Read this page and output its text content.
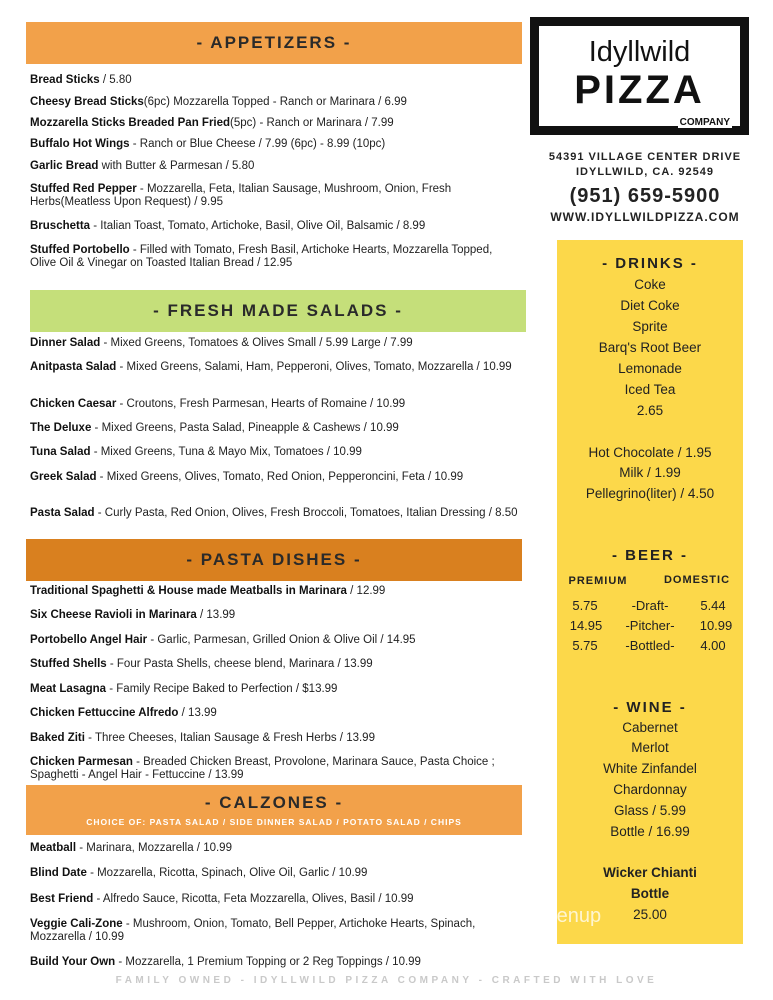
- APPETIZERS -
Bread Sticks / 5.80
Cheesy Bread Sticks(6pc) Mozzarella Topped - Ranch or Marinara / 6.99
Mozzarella Sticks Breaded Pan Fried(5pc) - Ranch or Marinara / 7.99
Buffalo Hot Wings - Ranch or Blue Cheese / 7.99 (6pc) - 8.99 (10pc)
Garlic Bread with Butter & Parmesan / 5.80
Stuffed Red Pepper - Mozzarella, Feta, Italian Sausage, Mushroom, Onion, Fresh Herbs(Meatless Upon Request) / 9.95
Bruschetta - Italian Toast, Tomato, Artichoke, Basil, Olive Oil, Balsamic / 8.99
Stuffed Portobello - Filled with Tomato, Fresh Basil, Artichoke Hearts, Mozzarella Topped, Olive Oil & Vinegar on Toasted Italian Bread / 12.95
- FRESH MADE SALADS -
Dinner Salad - Mixed Greens, Tomatoes & Olives Small / 5.99 Large / 7.99
Anitpasta Salad - Mixed Greens, Salami, Ham, Pepperoni, Olives, Tomato, Mozzarella / 10.99
Chicken Caesar - Croutons, Fresh Parmesan, Hearts of Romaine / 10.99
The Deluxe - Mixed Greens, Pasta Salad, Pineapple & Cashews / 10.99
Tuna Salad - Mixed Greens, Tuna & Mayo Mix, Tomatoes / 10.99
Greek Salad - Mixed Greens, Olives, Tomato, Red Onion, Pepperoncini, Feta / 10.99
Pasta Salad - Curly Pasta, Red Onion, Olives, Fresh Broccoli, Tomatoes, Italian Dressing / 8.50
- PASTA DISHES -
Traditional Spaghetti & House made Meatballs in Marinara / 12.99
Six Cheese Ravioli in Marinara / 13.99
Portobello Angel Hair - Garlic, Parmesan, Grilled Onion & Olive Oil / 14.95
Stuffed Shells - Four Pasta Shells, cheese blend, Marinara / 13.99
Meat Lasagna - Family Recipe Baked to Perfection / $13.99
Chicken Fettuccine Alfredo / 13.99
Baked Ziti - Three Cheeses, Italian Sausage & Fresh Herbs / 13.99
Chicken Parmesan - Breaded Chicken Breast, Provolone, Marinara Sauce, Pasta Choice ; Spaghetti - Angel Hair - Fettuccine / 13.99
- CALZONES -
CHOICE OF: PASTA SALAD / SIDE DINNER SALAD / POTATO SALAD / CHIPS
Meatball - Marinara, Mozzarella / 10.99
Blind Date - Mozzarella, Ricotta, Spinach, Olive Oil, Garlic / 10.99
Best Friend - Alfredo Sauce, Ricotta, Feta Mozzarella, Olives, Basil / 10.99
Veggie Cali-Zone - Mushroom, Onion, Tomato, Bell Pepper, Artichoke Hearts, Spinach, Mozzarella / 10.99
Build Your Own - Mozzarella, 1 Premium Topping or 2 Reg Toppings / 10.99
Idyllwild
PIZZA
COMPANY
54391 VILLAGE CENTER DRIVE
IDYLLWILD, CA. 92549
(951) 659-5900
WWW.IDYLLWILDPIZZA.COM
- DRINKS -
Coke
Diet Coke
Sprite
Barq's Root Beer
Lemonade
Iced Tea
2.65
Hot Chocolate / 1.95
Milk / 1.99
Pellegrino(liter) / 4.50
- BEER -
PREMIUM	DOMESTIC
5.75	-Draft-	5.44
14.95	-Pitcher-	10.99
5.75	-Bottled-	4.00
- WINE -
Cabernet
Merlot
White Zinfandel
Chardonnay
Glass / 5.99
Bottle / 16.99
Wicker Chianti
Bottle
25.00
menup
FAMILY OWNED - IDYLLWILD PIZZA COMPANY - CRAFTED WITH LOVE
